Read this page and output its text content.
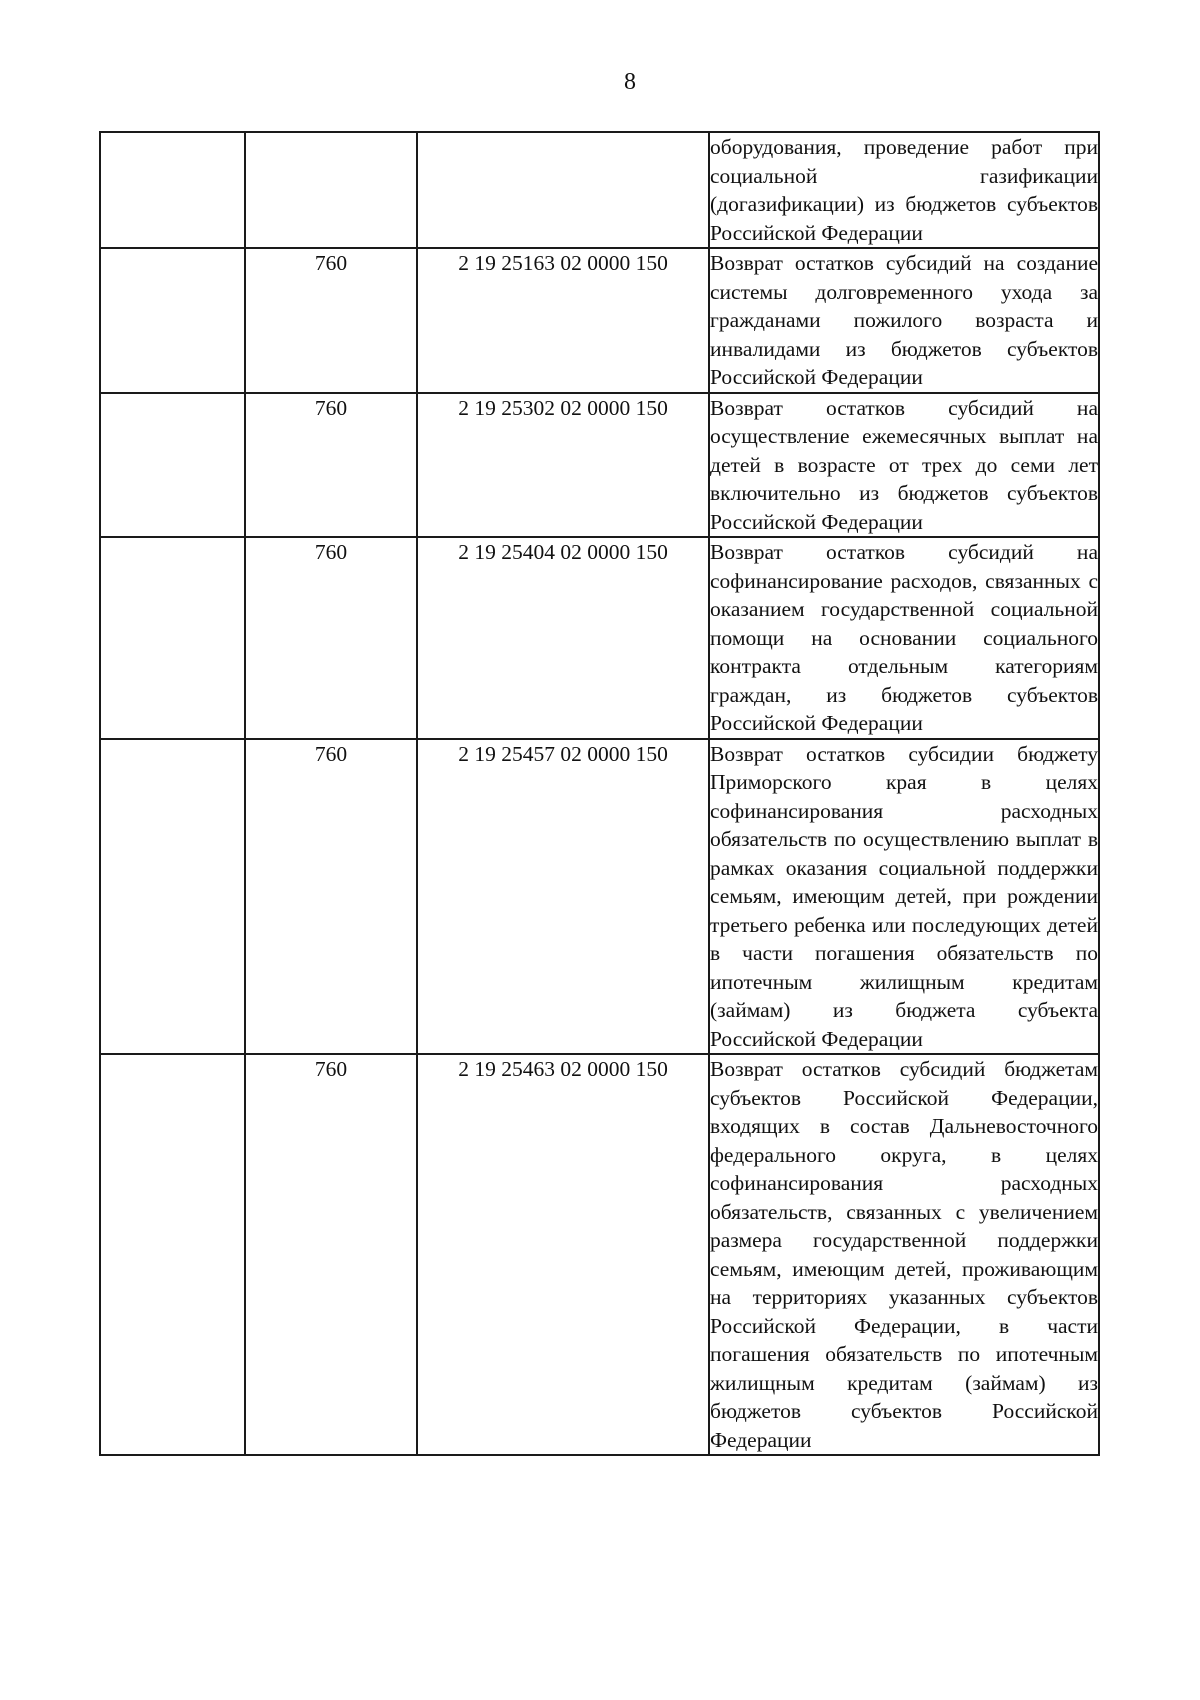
8

			оборудования, проведение работ при социальной газификации (догазификации) из бюджетов субъектов Российской Федерации

	760	2 19 25163 02 0000 150	Возврат остатков субсидий на создание системы долговременного ухода за гражданами пожилого возраста и инвалидами из бюджетов субъектов Российской Федерации

	760	2 19 25302 02 0000 150	Возврат остатков субсидий на осуществление ежемесячных выплат на детей в возрасте от трех до семи лет включительно из бюджетов субъектов Российской Федерации

	760	2 19 25404 02 0000 150	Возврат остатков субсидий на софинансирование расходов, связанных с оказанием государственной социальной помощи на основании социального контракта отдельным категориям граждан, из бюджетов субъектов Российской Федерации

	760	2 19 25457 02 0000 150	Возврат остатков субсидии бюджету Приморского края в целях софинансирования расходных обязательств по осуществлению выплат в рамках оказания социальной поддержки семьям, имеющим детей, при рождении третьего ребенка или последующих детей в части погашения обязательств по ипотечным жилищным кредитам (займам) из бюджета субъекта Российской Федерации

	760	2 19 25463 02 0000 150	Возврат остатков субсидий бюджетам субъектов Российской Федерации, входящих в состав Дальневосточного федерального округа, в целях софинансирования расходных обязательств, связанных с увеличением размера государственной поддержки семьям, имеющим детей, проживающим на территориях указанных субъектов Российской Федерации, в части погашения обязательств по ипотечным жилищным кредитам (займам) из бюджетов субъектов Российской Федерации
